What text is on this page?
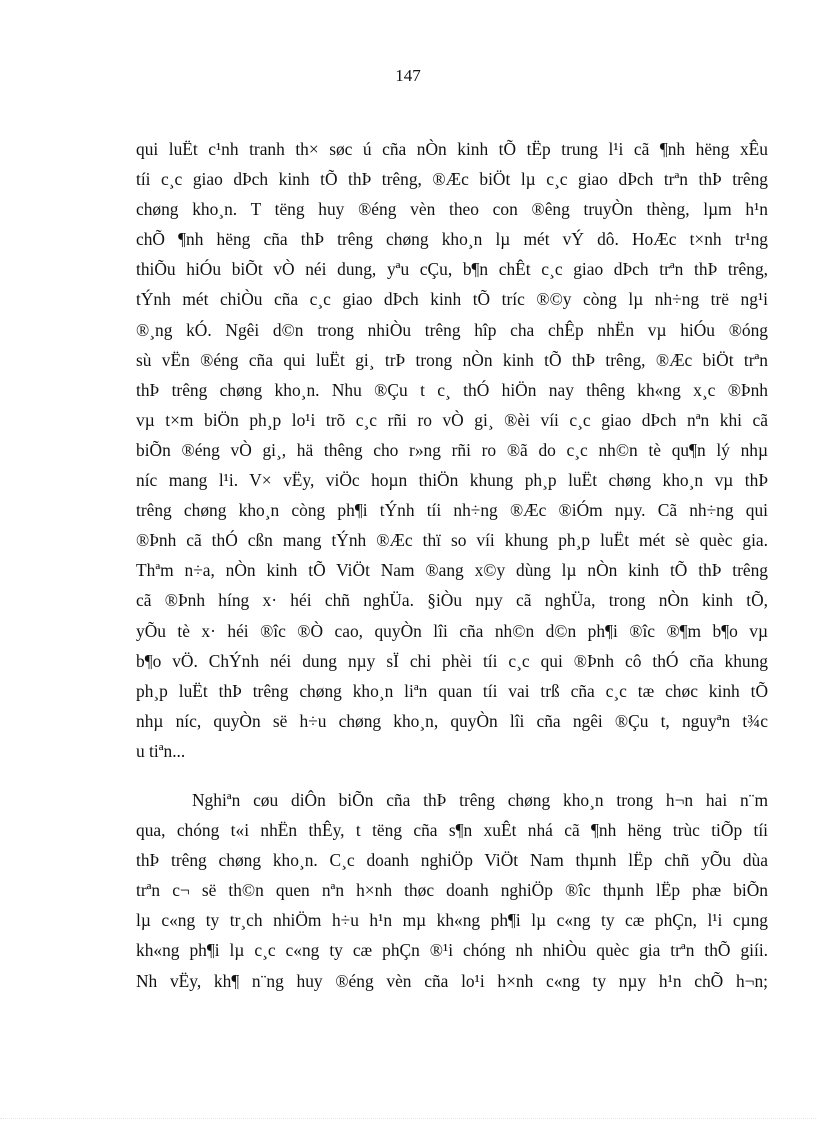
147
qui luËt c¹nh tranh th× søc ú cña nÒn kinh tÕ tËp trung l¹i cã ¶nh hëng xÊu
tíi c¸c giao dÞch kinh tÕ thÞ trêng, ®Æc biÖt lµ c¸c giao dÞch trªn thÞ trêng
chøng kho¸n. T tëng huy ®éng vèn theo con ®êng truyÒn thèng, lµm h¹n
chÕ ¶nh hëng cña thÞ trêng chøng kho¸n lµ mét vÝ dô. HoÆc t×nh tr¹ng
thiÕu hiÓu biÕt vÒ néi dung, yªu cÇu, b¶n chÊt c¸c giao dÞch trªn thÞ trêng,
tÝnh mét chiÒu cña c¸c giao dÞch kinh tÕ tríc ®©y còng lµ nh÷ng trë ng¹i
®¸ng kÓ. Ngêi d©n trong nhiÒu trêng hîp cha chÊp nhËn vµ hiÓu ®óng
sù vËn ®éng cña qui luËt gi¸ trÞ trong nÒn kinh tÕ thÞ trêng, ®Æc biÖt trªn
thÞ trêng chøng kho¸n. Nhu ®Çu t c¸ thÓ hiÖn nay thêng kh«ng x¸c ®Þnh
vµ t×m biÖn ph¸p lo¹i trõ c¸c rñi ro vÒ gi¸ ®èi víi c¸c giao dÞch nªn khi cã
biÕn ®éng vÒ gi¸, hä thêng cho r»ng rñi ro ®ã do c¸c nh©n tè qu¶n lý nhµ
níc mang l¹i. V× vËy, viÖc hoµn thiÖn khung ph¸p luËt chøng kho¸n vµ thÞ
trêng chøng kho¸n còng ph¶i tÝnh tíi nh÷ng ®Æc ®iÓm nµy. Cã nh÷ng qui
®Þnh cã thÓ cßn mang tÝnh ®Æc thï so víi khung ph¸p luËt mét sè quèc gia.
Thªm n÷a, nÒn kinh tÕ ViÖt Nam ®ang x©y dùng lµ nÒn kinh tÕ thÞ trêng
cã ®Þnh híng x· héi chñ nghÜa. §iÒu nµy cã nghÜa, trong nÒn kinh tÕ,
yÕu tè x· héi ®îc ®Ò cao, quyÒn lîi cña nh©n d©n ph¶i ®îc ®¶m b¶o vµ
b¶o vÖ. ChÝnh néi dung nµy sÏ chi phèi tíi c¸c qui ®Þnh cô thÓ cña khung
ph¸p luËt thÞ trêng chøng kho¸n liªn quan tíi vai trß cña c¸c tæ chøc kinh tÕ
nhµ níc, quyÒn së h÷u chøng kho¸n, quyÒn lîi cña ngêi ®Çu t, nguyªn t¾c
u tiªn...
Nghiªn cøu diÔn biÕn cña thÞ trêng chøng kho¸n trong h¬n hai n¨m
qua, chóng t«i nhËn thÊy, t tëng cña s¶n xuÊt nhá cã ¶nh hëng trùc tiÕp tíi
thÞ trêng chøng kho¸n. C¸c doanh nghiÖp ViÖt Nam thµnh lËp chñ yÕu dùa
trªn c¬ së th©n quen nªn h×nh thøc doanh nghiÖp ®îc thµnh lËp phæ biÕn
lµ c«ng ty tr¸ch nhiÖm h÷u h¹n mµ kh«ng ph¶i lµ c«ng ty cæ phÇn, l¹i cµng
kh«ng ph¶i lµ c¸c c«ng ty cæ phÇn ®¹i chóng nh nhiÒu quèc gia trªn thÕ giíi.
Nh vËy, kh¶ n¨ng huy ®éng vèn cña lo¹i h×nh c«ng ty nµy h¹n chÕ h¬n;
